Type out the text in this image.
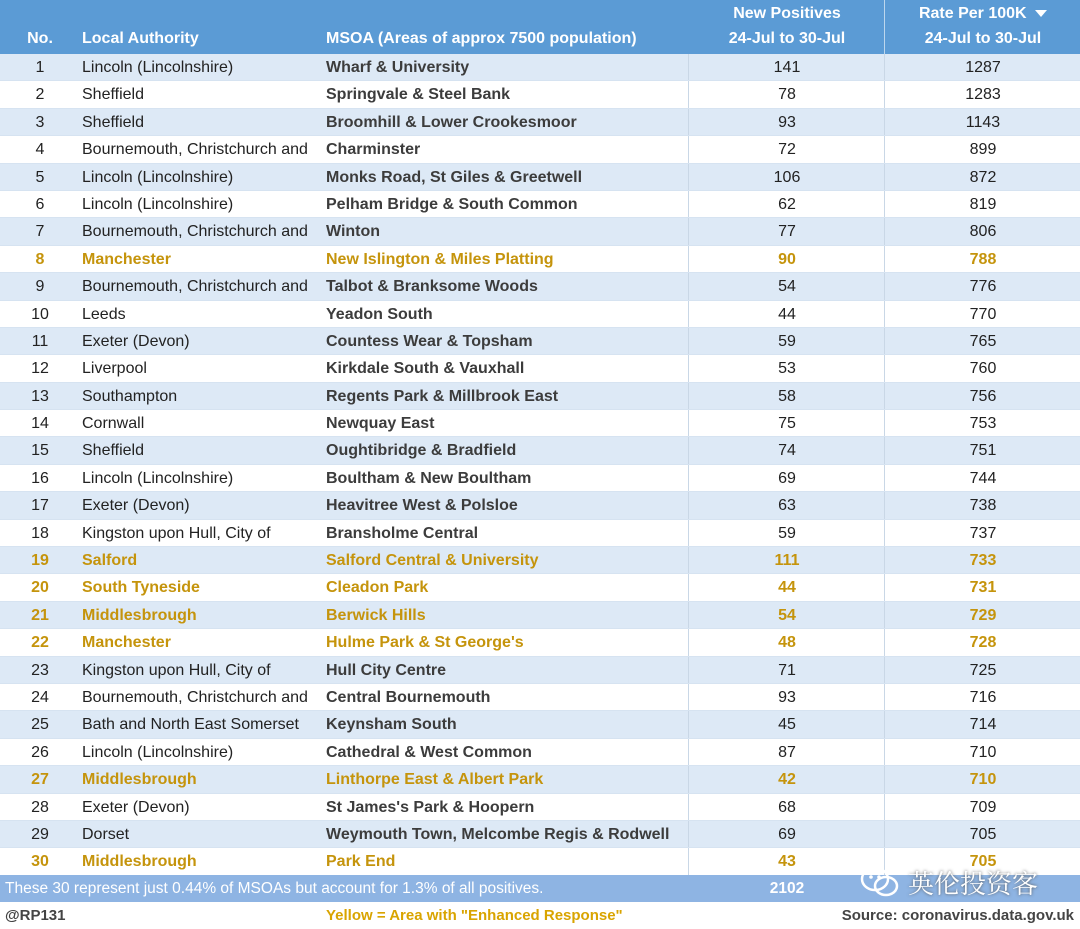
No.	Local Authority	MSOA (Areas of approx 7500 population)
New Positives
24-Jul to 30-Jul
Rate Per 100K
24-Jul to 30-Jul
1	Lincoln (Lincolnshire)	Wharf & University	141	1287
2	Sheffield	Springvale & Steel Bank	78	1283
3	Sheffield	Broomhill & Lower Crookesmoor	93	1143
4	Bournemouth, Christchurch and	Charminster	72	899
5	Lincoln (Lincolnshire)	Monks Road, St Giles & Greetwell	106	872
6	Lincoln (Lincolnshire)	Pelham Bridge & South Common	62	819
7	Bournemouth, Christchurch and	Winton	77	806
8	Manchester	New Islington & Miles Platting	90	788
9	Bournemouth, Christchurch and	Talbot & Branksome Woods	54	776
10	Leeds	Yeadon South	44	770
11	Exeter (Devon)	Countess Wear & Topsham	59	765
12	Liverpool	Kirkdale South & Vauxhall	53	760
13	Southampton	Regents Park & Millbrook East	58	756
14	Cornwall	Newquay East	75	753
15	Sheffield	Oughtibridge & Bradfield	74	751
16	Lincoln (Lincolnshire)	Boultham & New Boultham	69	744
17	Exeter (Devon)	Heavitree West & Polsloe	63	738
18	Kingston upon Hull, City of	Bransholme Central	59	737
19	Salford	Salford Central & University	111	733
20	South Tyneside	Cleadon Park	44	731
21	Middlesbrough	Berwick Hills	54	729
22	Manchester	Hulme Park & St George's	48	728
23	Kingston upon Hull, City of	Hull City Centre	71	725
24	Bournemouth, Christchurch and	Central Bournemouth	93	716
25	Bath and North East Somerset	Keynsham South	45	714
26	Lincoln (Lincolnshire)	Cathedral & West Common	87	710
27	Middlesbrough	Linthorpe East & Albert Park	42	710
28	Exeter (Devon)	St James's Park & Hoopern	68	709
29	Dorset	Weymouth Town, Melcombe Regis & Rodwell	69	705
30	Middlesbrough	Park End	43	705
These 30 represent just 0.44% of MSOAs but account for 1.3% of all positives.	2102
@RP131	Yellow = Area with "Enhanced Response"	Source: coronavirus.data.gov.uk
英伦投资客
